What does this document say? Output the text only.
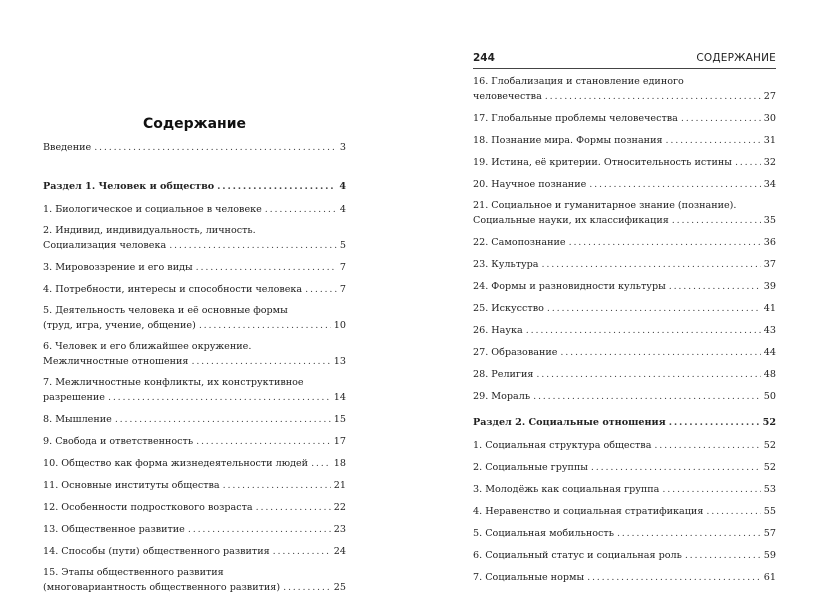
Содержание
Введение .....	3
Раздел 1. Человек и общество .....	4
1. Биологическое и социальное в человеке .....	4
2. Индивид, индивидуальность, личность.
Социализация человека .....	5
3. Мировоззрение и его виды .....	7
4. Потребности, интересы и способности человека .....	7
5. Деятельность человека и её основные формы
(труд, игра, учение, общение) .....	10
6. Человек и его ближайшее окружение.
Межличностные отношения .....	13
7. Межличностные конфликты, их конструктивное
разрешение .....	14
8. Мышление .....	15
9. Свобода и ответственность .....	17
10. Общество как форма жизнедеятельности людей .....	18
11. Основные институты общества .....	21
12. Особенности подросткового возраста .....	22
13. Общественное развитие .....	23
14. Способы (пути) общественного развития .....	24
15. Этапы общественного развития
(многовариантность общественного развития) .....	25
244	СОДЕРЖАНИЕ
16. Глобализация и становление единого
человечества .....	27
17. Глобальные проблемы человечества .....	30
18. Познание мира. Формы познания .....	31
19. Истина, её критерии. Относительность истины .....	32
20. Научное познание .....	34
21. Социальное и гуманитарное знание (познание).
Социальные науки, их классификация .....	35
22. Самопознание .....	36
23. Культура .....	37
24. Формы и разновидности культуры .....	39
25. Искусство .....	41
26. Наука .....	43
27. Образование .....	44
28. Религия .....	48
29. Мораль .....	50
Раздел 2. Социальные отношения .....	52
1. Социальная структура общества .....	52
2. Социальные группы .....	52
3. Молодёжь как социальная группа .....	53
4. Неравенство и социальная стратификация .....	55
5. Социальная мобильность .....	57
6. Социальный статус и социальная роль .....	59
7. Социальные нормы .....	61
